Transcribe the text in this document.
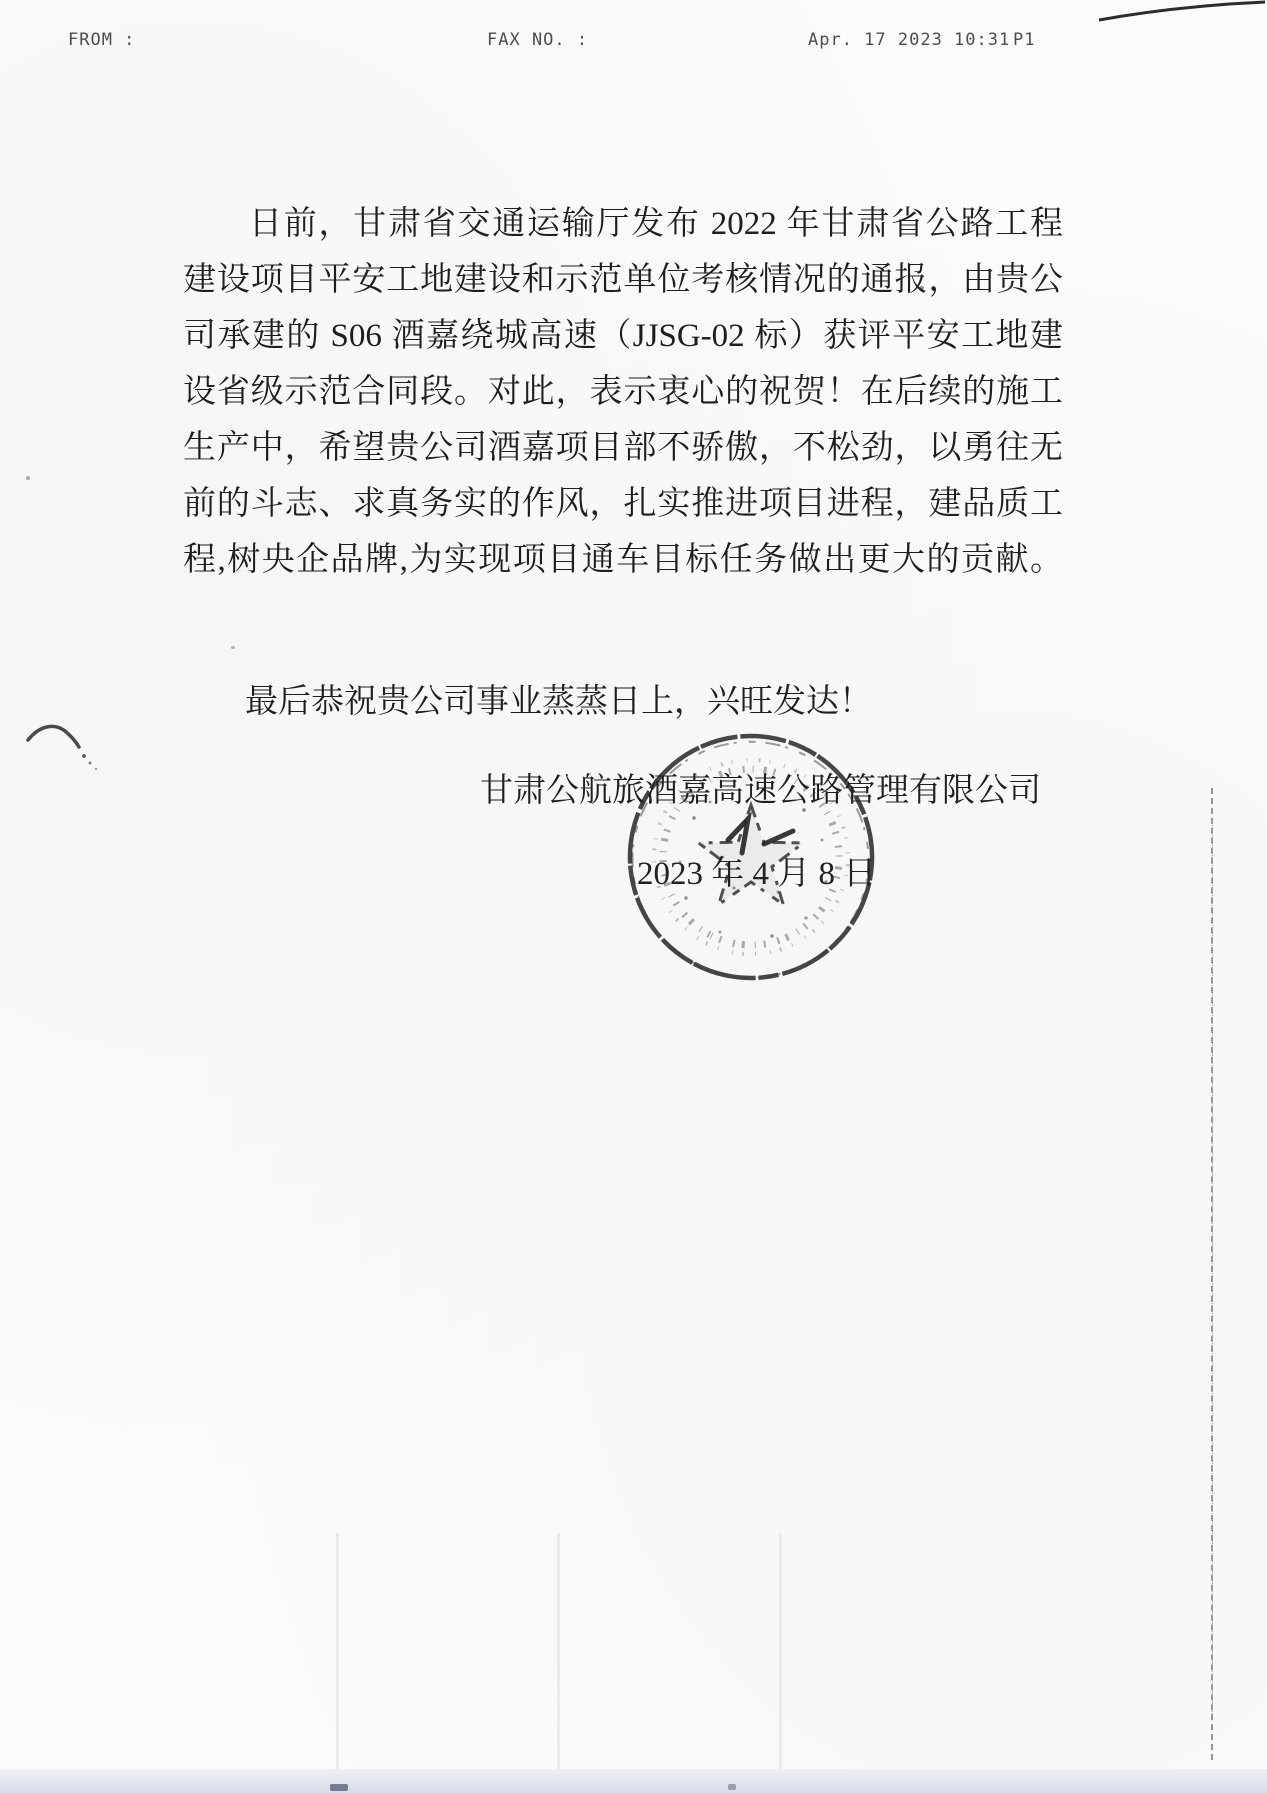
FROM :	FAX NO. :	Apr. 17 2023 10:31 P1
日前，甘肃省交通运输厅发布 2022 年甘肃省公路工程
建设项目平安工地建设和示范单位考核情况的通报，由贵公
司承建的 S06 酒嘉绕城高速（JJSG-02 标）获评平安工地建
设省级示范合同段。对此，表示衷心的祝贺！在后续的施工
生产中，希望贵公司酒嘉项目部不骄傲，不松劲，以勇往无
前的斗志、求真务实的作风，扎实推进项目进程，建品质工
程,树央企品牌,为实现项目通车目标任务做出更大的贡献。
最后恭祝贵公司事业蒸蒸日上，兴旺发达！
甘肃公航旅酒嘉高速公路管理有限公司
2023 年 4 月 8 日
